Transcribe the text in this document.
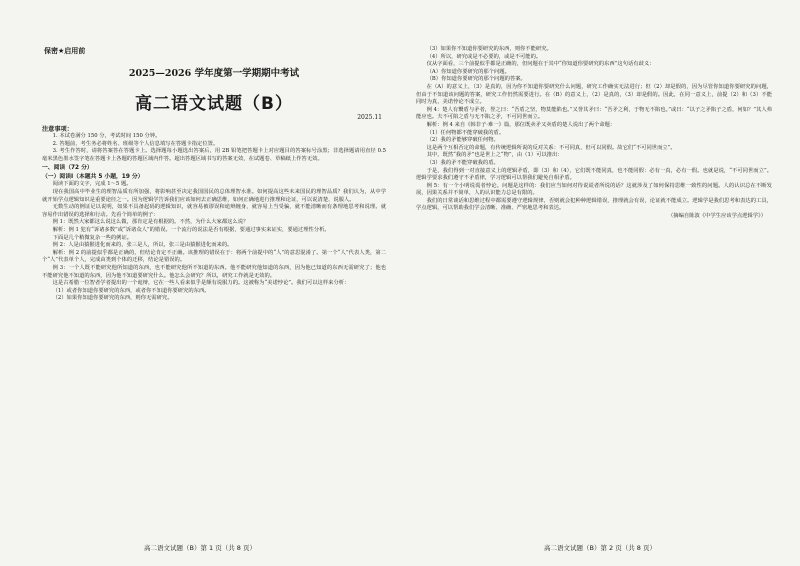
保密★启用前
2025—2026 学年度第一学期期中考试
高二语文试题（B）
2025.11
注意事项：

1. 本试卷满分 150 分，考试时间 150 分钟。

2. 答题前，考生务必将姓名、班级等个人信息填写在答题卡指定位置。

3. 考生作答时，请将答案答在答题卡上。选择题每小题选出答案后，用 2B 铅笔把答题卡上对应题目的答案标号涂黑；非选择题请用直径 0.5 毫米黑色墨水签字笔在答题卡上各题的答题区域内作答。超出答题区域书写的答案无效，在试题卷、草稿纸上作答无效。

一、阅读（72 分）

（一）阅读Ⅰ（本题共 5 小题，19 分）

阅读下面的文字，完成 1～5 题。

现在我国高中毕业生的理智品质有所加强，将影响甚至决定我国国民的总体理智水准。如何提高这些未来国民的理智品质？我们认为，从中学就开始学点逻辑知识是重要途径之一。因为逻辑学告诉我们应该如何去正确思维，如何正确地进行推理和论证，可以说清楚、说服人。

无数生动的例证足以说明，如果不具备起码的逻辑知识，就容易被谬误和诡辩缠身，就容易上当受骗，就不能清晰而有条理地思考和说理。就容易作出错误的选择和行动。先看个简单的例子：

例 1：既然大家都这么说这么做，那肯定是有根据的。不然，为什么大家都这么说？

解析：例 1 犯有“诉诸多数”或“诉诸众人”的错误。一个流行的说法是否有根据，要通过事实来证实，要通过理性分析。

下面是几个稍微复杂一些的例证。

例 2：人是由猿猴进化而来的，张三是人，所以，张三是由猿猴进化而来的。

解析：例 2 的前提似乎都是正确的，但结论肯定不正确。该推理的错误在于：将两个前提中的“人”的意思混淆了。第一个“人”代表人类，第二个“人”代表单个人，完成由类到个体的迁移，结论是错误的。

例 3：一个人既不能研究他所知道的东西，也不能研究他所不知道的东西。他不能研究他知道的东西，因为他已知道的东西无需研究了；他也不能研究他不知道的东西，因为他不知道要研究什么。他怎么会研究？所以，研究工作就是无效的。

这是古希腊一位智者学者提出的一个诡辩，它在一些人看来似乎是颇有说服力的。这被称为“美诺悖论”。我们可以这样来分析：

（1）或者你知道你要研究的东西，或者你不知道你要研究的东西。

（2）如果你知道你要研究的东西，则你无需研究。

高二语文试题（B）第 1 页（共 8 页）

（3）如果你不知道你要研究的东西，则你不能研究。

（4）所以，研究或是不必要的，或是不可能的。

仅从字面看，三个前提似乎都是正确的，但问题在于其中“你知道你要研究的东西”这句话有歧义：

（A）你知道你要研究的那个问题。

（B）你知道你要研究的那个问题的答案。

在（A）的意义上，（3）是真的，因为你不知道你要研究什么问题，研究工作确实无法进行；但（2）却是假的，因为尽管你知道你要研究的问题，但由于不知道该问题的答案，研究工作仍然需要进行。在（B）的意义上，（2）是真的，（3）却是假的。因此，在同一意义上，前提（2）和（3）不能同时为真，美诺悖论不成立。

例 4：楚人有鬻盾与矛者，誉之曰：“吾盾之坚，物莫能陷也。”又誉其矛曰：“吾矛之利，于物无不陷也。”或曰：“以子之矛陷子之盾，何如？”其人弗能应也。夫不可陷之盾与无不陷之矛，不可同世而立。

解析：例 4 来自《韩非子·难一》篇，那位既卖矛又卖盾的楚人说出了两个命题：

（1）任何物都不能穿破我的盾。

（2）我的矛能够穿破任何物。

这是两个互相否定的命题，有传统逻辑所说的反对关系：不可同真，但可以同假。故它们“不可同世而立”。

其中，既然“我的矛”也是世上之“物”，由（1）可以推出：

（3）我的矛不能穿破我的盾。

于是，我们得到一对直接意义上的逻辑矛盾，即（3）和（4），它们既不能同真，也不能同假：必有一真，必有一假。也就是说，“不可同世而立”。逻辑学要求我们遵守不矛盾律，学习逻辑可以帮我们避免自相矛盾。

例 5：有一个小明说谎者悖论。问题是这样的：我们应当如何对待说谎者所说的话？这就涉及了如何保持思维一致性的问题。人的认识总在不断发展，因果关系并不简单，人的认识能力总是有限的。

我们的日常谈话和思维过程中都需要遵守逻辑规律，否则就会犯种种逻辑错误，推理就会有误，论证就不能成立。逻辑学是我们思考和表达的工具，学点逻辑，可以帮助我们学会清晰、准确、严密地思考和表达。

（摘编自陈波《中学生应该学点逻辑学》）

高二语文试题（B）第 2 页（共 8 页）
